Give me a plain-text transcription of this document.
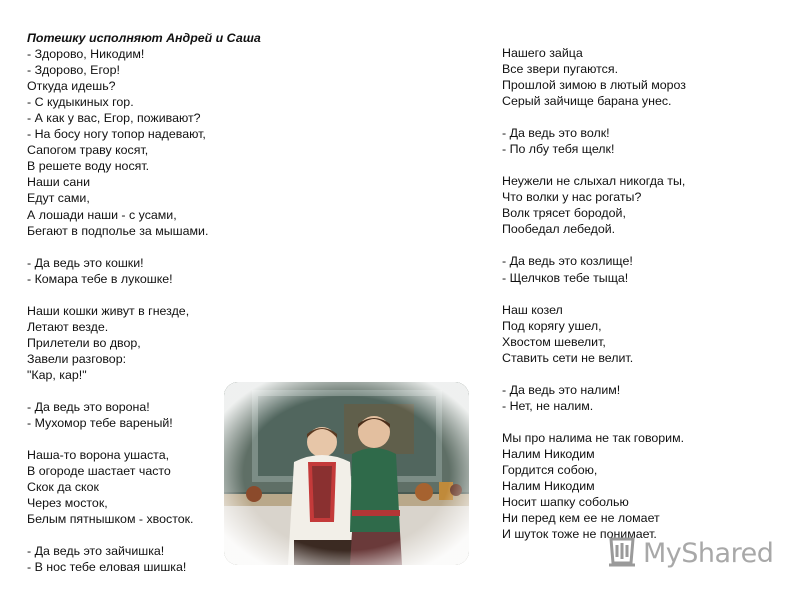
Потешку исполняют Андрей и Саша
- Здорово, Никодим!
- Здорово, Егор!
Откуда идешь?
- С кудыкиных гор.
- А как у вас, Егор, поживают?
- На босу ногу топор надевают,
Сапогом траву косят,
В решете воду носят.
Наши сани
Едут сами,
А лошади наши - с усами,
Бегают в подполье за мышами.
- Да ведь это кошки!
- Комара тебе в лукошке!
Наши кошки живут в гнезде,
Летают везде.
Прилетели во двор,
Завели разговор:
"Кар, кар!"
- Да ведь это ворона!
- Мухомор тебе вареный!
Наша-то ворона ушаста,
В огороде шастает часто
Скок да скок
Через мосток,
Белым пятнышком - хвосток.
- Да ведь это зайчишка!
- В нос тебе еловая шишка!
Нашего зайца
Все звери пугаются.
Прошлой зимою в лютый мороз
Серый зайчище барана унес.
- Да ведь это волк!
- По лбу тебя щелк!
Неужели не слыхал никогда ты,
Что волки у нас рогаты?
Волк трясет бородой,
Пообедал лебедой.
- Да ведь это козлище!
- Щелчков тебе тыща!
Наш козел
Под корягу ушел,
Хвостом шевелит,
Ставить сети не велит.
- Да ведь это налим!
- Нет, не налим.
Мы про налима не так говорим.
Налим Никодим
Гордится собою,
Налим Никодим
Носит шапку соболью
Ни перед кем ее не ломает
И шуток тоже не понимает.
MyShared
